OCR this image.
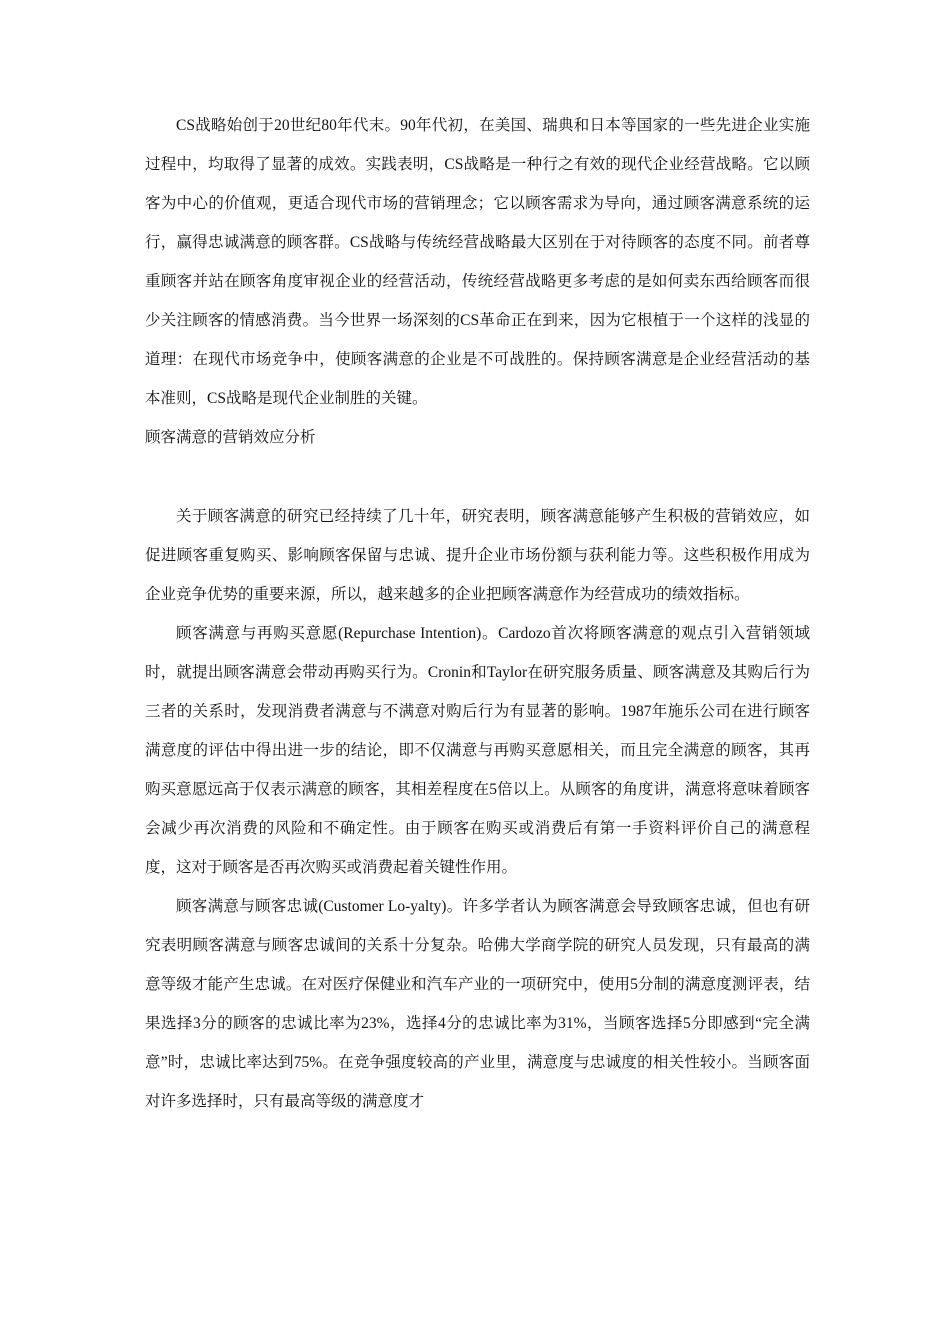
CS战略始创于20世纪80年代末。90年代初，在美国、瑞典和日本等国家的一些先进企业实施过程中，均取得了显著的成效。实践表明，CS战略是一种行之有效的现代企业经营战略。它以顾客为中心的价值观，更适合现代市场的营销理念；它以顾客需求为导向，通过顾客满意系统的运行，赢得忠诚满意的顾客群。CS战略与传统经营战略最大区别在于对待顾客的态度不同。前者尊重顾客并站在顾客角度审视企业的经营活动，传统经营战略更多考虑的是如何卖东西给顾客而很少关注顾客的情感消费。当今世界一场深刻的CS革命正在到来，因为它根植于一个这样的浅显的道理：在现代市场竞争中，使顾客满意的企业是不可战胜的。保持顾客满意是企业经营活动的基本准则，CS战略是现代企业制胜的关键。

顾客满意的营销效应分析

关于顾客满意的研究已经持续了几十年，研究表明，顾客满意能够产生积极的营销效应，如促进顾客重复购买、影响顾客保留与忠诚、提升企业市场份额与获利能力等。这些积极作用成为企业竞争优势的重要来源，所以，越来越多的企业把顾客满意作为经营成功的绩效指标。

顾客满意与再购买意愿(Repurchase Intention)。Cardozo首次将顾客满意的观点引入营销领域时，就提出顾客满意会带动再购买行为。Cronin和Taylor在研究服务质量、顾客满意及其购后行为三者的关系时，发现消费者满意与不满意对购后行为有显著的影响。1987年施乐公司在进行顾客满意度的评估中得出进一步的结论，即不仅满意与再购买意愿相关，而且完全满意的顾客，其再购买意愿远高于仅表示满意的顾客，其相差程度在5倍以上。从顾客的角度讲，满意将意味着顾客会减少再次消费的风险和不确定性。由于顾客在购买或消费后有第一手资料评价自己的满意程度，这对于顾客是否再次购买或消费起着关键性作用。

顾客满意与顾客忠诚(Customer Lo-yalty)。许多学者认为顾客满意会导致顾客忠诚，但也有研究表明顾客满意与顾客忠诚间的关系十分复杂。哈佛大学商学院的研究人员发现，只有最高的满意等级才能产生忠诚。在对医疗保健业和汽车产业的一项研究中，使用5分制的满意度测评表，结果选择3分的顾客的忠诚比率为23%，选择4分的忠诚比率为31%，当顾客选择5分即感到“完全满意”时，忠诚比率达到75%。在竞争强度较高的产业里，满意度与忠诚度的相关性较小。当顾客面对许多选择时，只有最高等级的满意度才
